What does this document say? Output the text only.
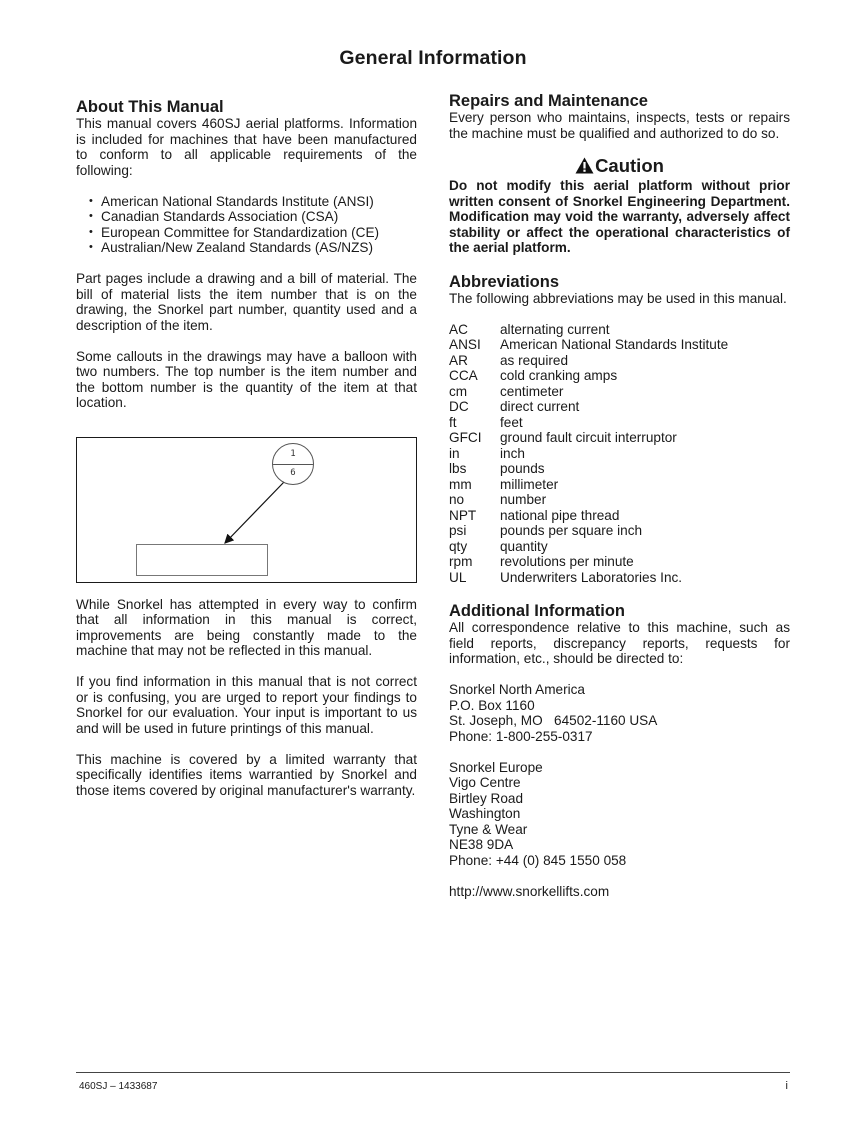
General Information
About This Manual

This manual covers 460SJ aerial platforms. Information is included for machines that have been manufactured to conform to all applicable requirements of the following:

• American National Standards Institute (ANSI)
• Canadian Standards Association (CSA)
• European Committee for Standardization (CE)
• Australian/New Zealand Standards (AS/NZS)

Part pages include a drawing and a bill of material. The bill of material lists the item number that is on the drawing, the Snorkel part number, quantity used and a description of the item.

Some callouts in the drawings may have a balloon with two numbers. The top number is the item number and the bottom number is the quantity of the item at that location.

1
6

While Snorkel has attempted in every way to confirm that all information in this manual is correct, improvements are being constantly made to the machine that may not be reflected in this manual.

If you find information in this manual that is not correct or is confusing, you are urged to report your findings to Snorkel for our evaluation. Your input is important to us and will be used in future printings of this manual.

This machine is covered by a limited warranty that specifically identifies items warrantied by Snorkel and those items covered by original manufacturer's warranty.

Repairs and Maintenance

Every person who maintains, inspects, tests or repairs the machine must be qualified and authorized to do so.

Caution

Do not modify this aerial platform without prior written consent of Snorkel Engineering Department. Modification may void the warranty, adversely affect stability or affect the operational characteristics of the aerial platform.

Abbreviations

The following abbreviations may be used in this manual.

AC	alternating current
ANSI	American National Standards Institute
AR	as required
CCA	cold cranking amps
cm	centimeter
DC	direct current
ft	feet
GFCI	ground fault circuit interruptor
in	inch
lbs	pounds
mm	millimeter
no	number
NPT	national pipe thread
psi	pounds per square inch
qty	quantity
rpm	revolutions per minute
UL	Underwriters Laboratories Inc.
Additional Information

All correspondence relative to this machine, such as field reports, discrepancy reports, requests for information, etc., should be directed to:

Snorkel North America
P.O. Box 1160
St. Joseph, MO   64502-1160 USA
Phone: 1-800-255-0317
Snorkel Europe
Vigo Centre
Birtley Road
Washington
Tyne & Wear
NE38 9DA
Phone: +44 (0) 845 1550 058
http://www.snorkellifts.com
460SJ – 1433687	i
